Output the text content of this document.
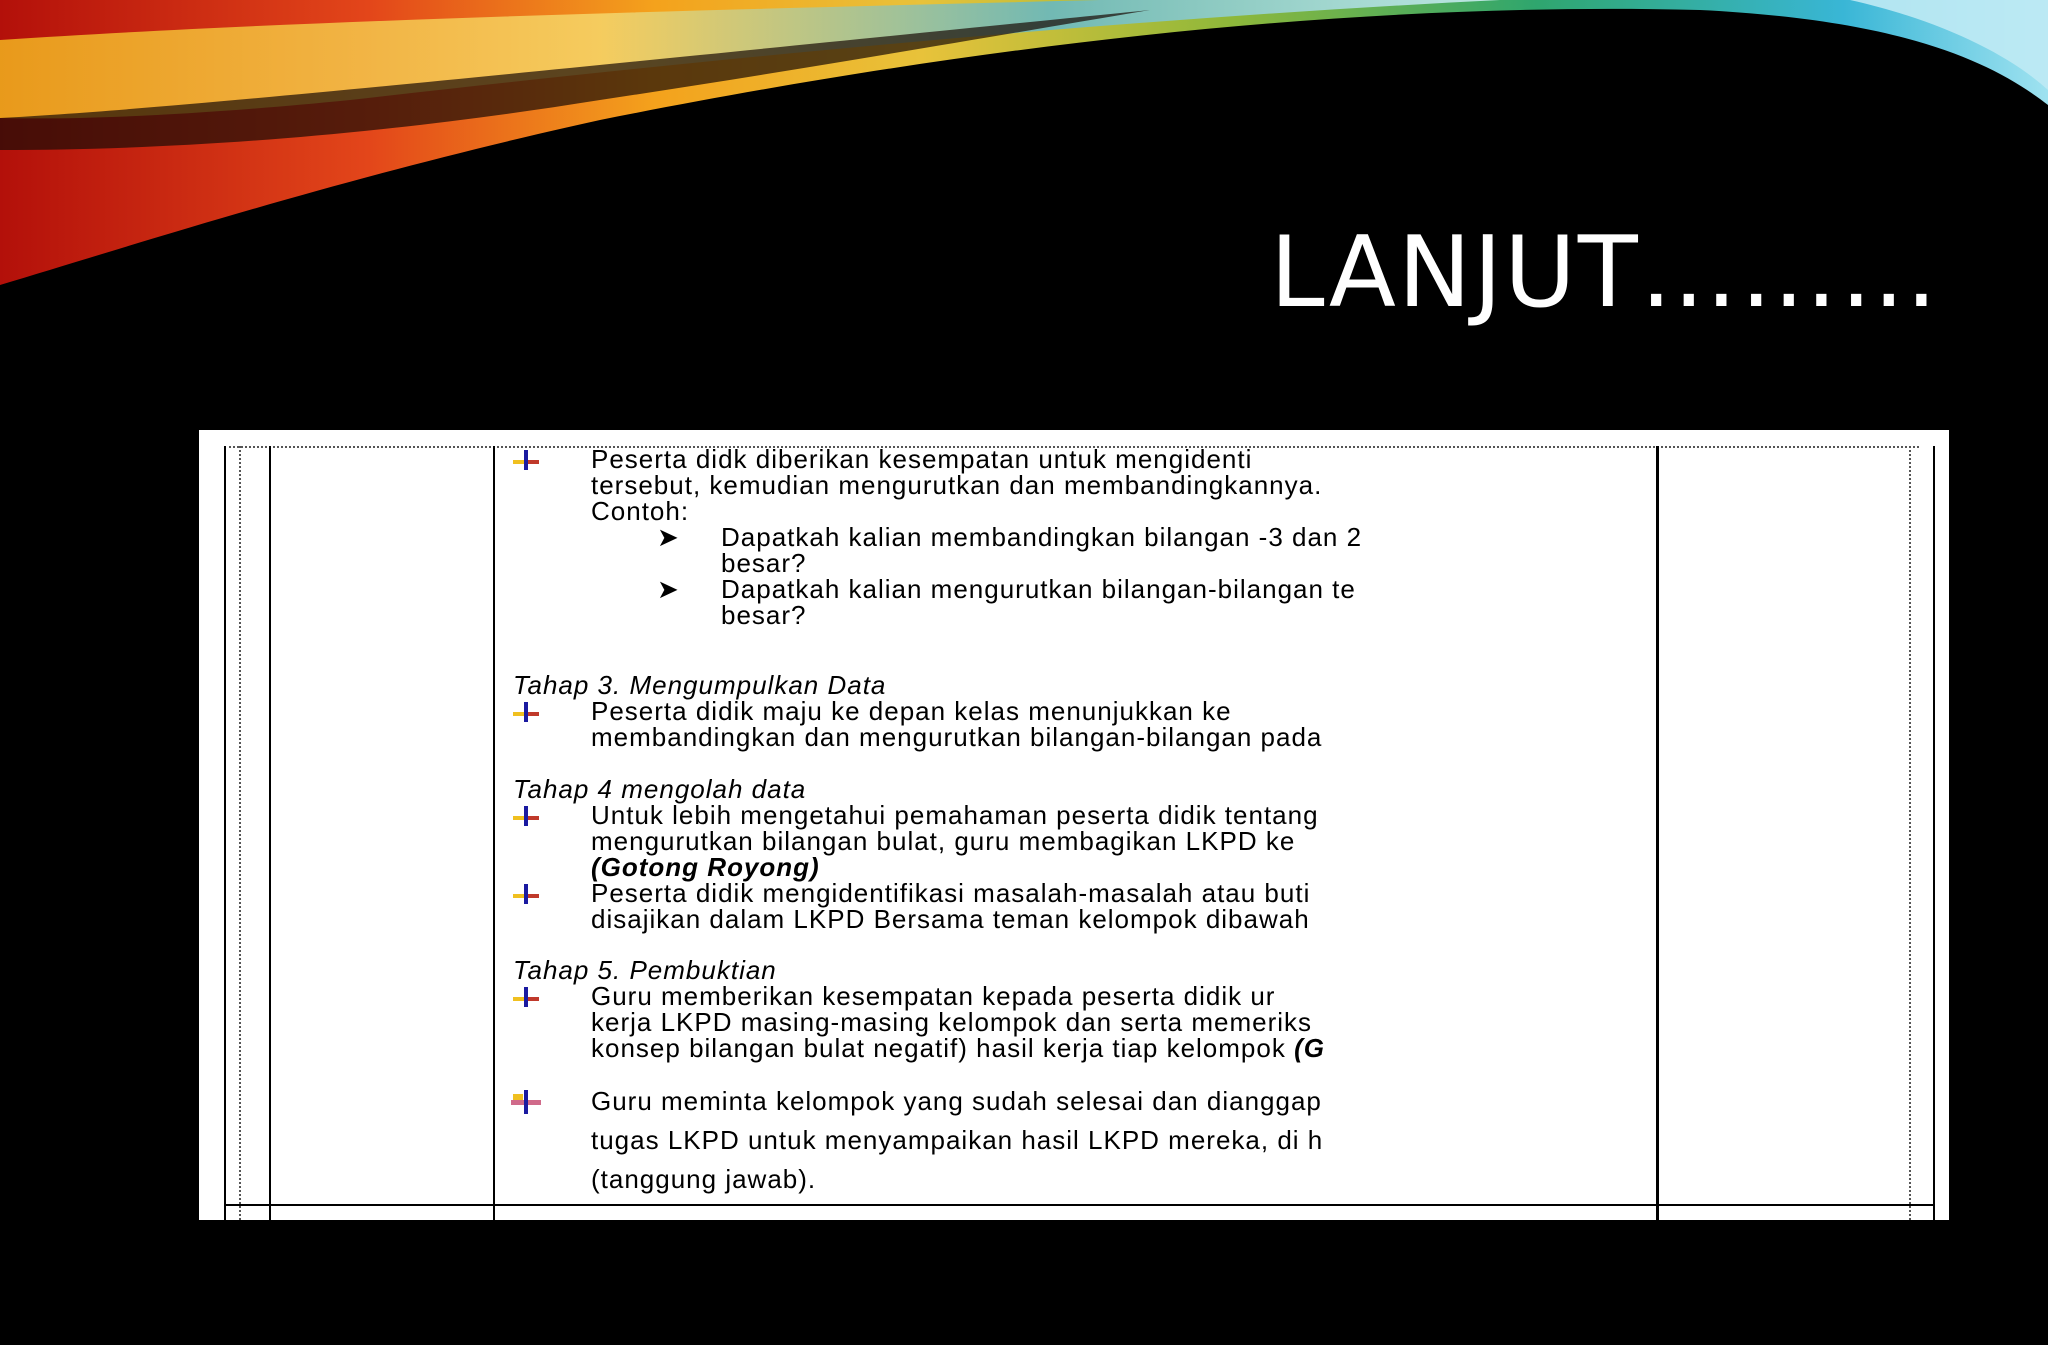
LANJUT………
Peserta didk diberikan kesempatan untuk mengidenti
tersebut, kemudian mengurutkan dan membandingkannya.
Contoh:
➤ Dapatkah kalian membandingkan bilangan -3 dan 2
besar?
➤ Dapatkah kalian mengurutkan bilangan-bilangan te
besar?
Tahap 3. Mengumpulkan Data
Peserta didik maju ke depan kelas menunjukkan ke
membandingkan dan mengurutkan bilangan-bilangan pada
Tahap 4 mengolah data
Untuk lebih mengetahui pemahaman peserta didik tentang
mengurutkan bilangan bulat, guru membagikan LKPD ke
(Gotong Royong)
Peserta didik mengidentifikasi masalah-masalah atau buti
disajikan dalam LKPD Bersama teman kelompok dibawah
Tahap 5. Pembuktian
Guru memberikan kesempatan kepada peserta didik ur
kerja LKPD masing-masing kelompok dan serta memeriks
konsep bilangan bulat negatif) hasil kerja tiap kelompok (G
Guru meminta kelompok yang sudah selesai dan dianggap
tugas LKPD untuk menyampaikan hasil LKPD mereka, di h
(tanggung jawab).
